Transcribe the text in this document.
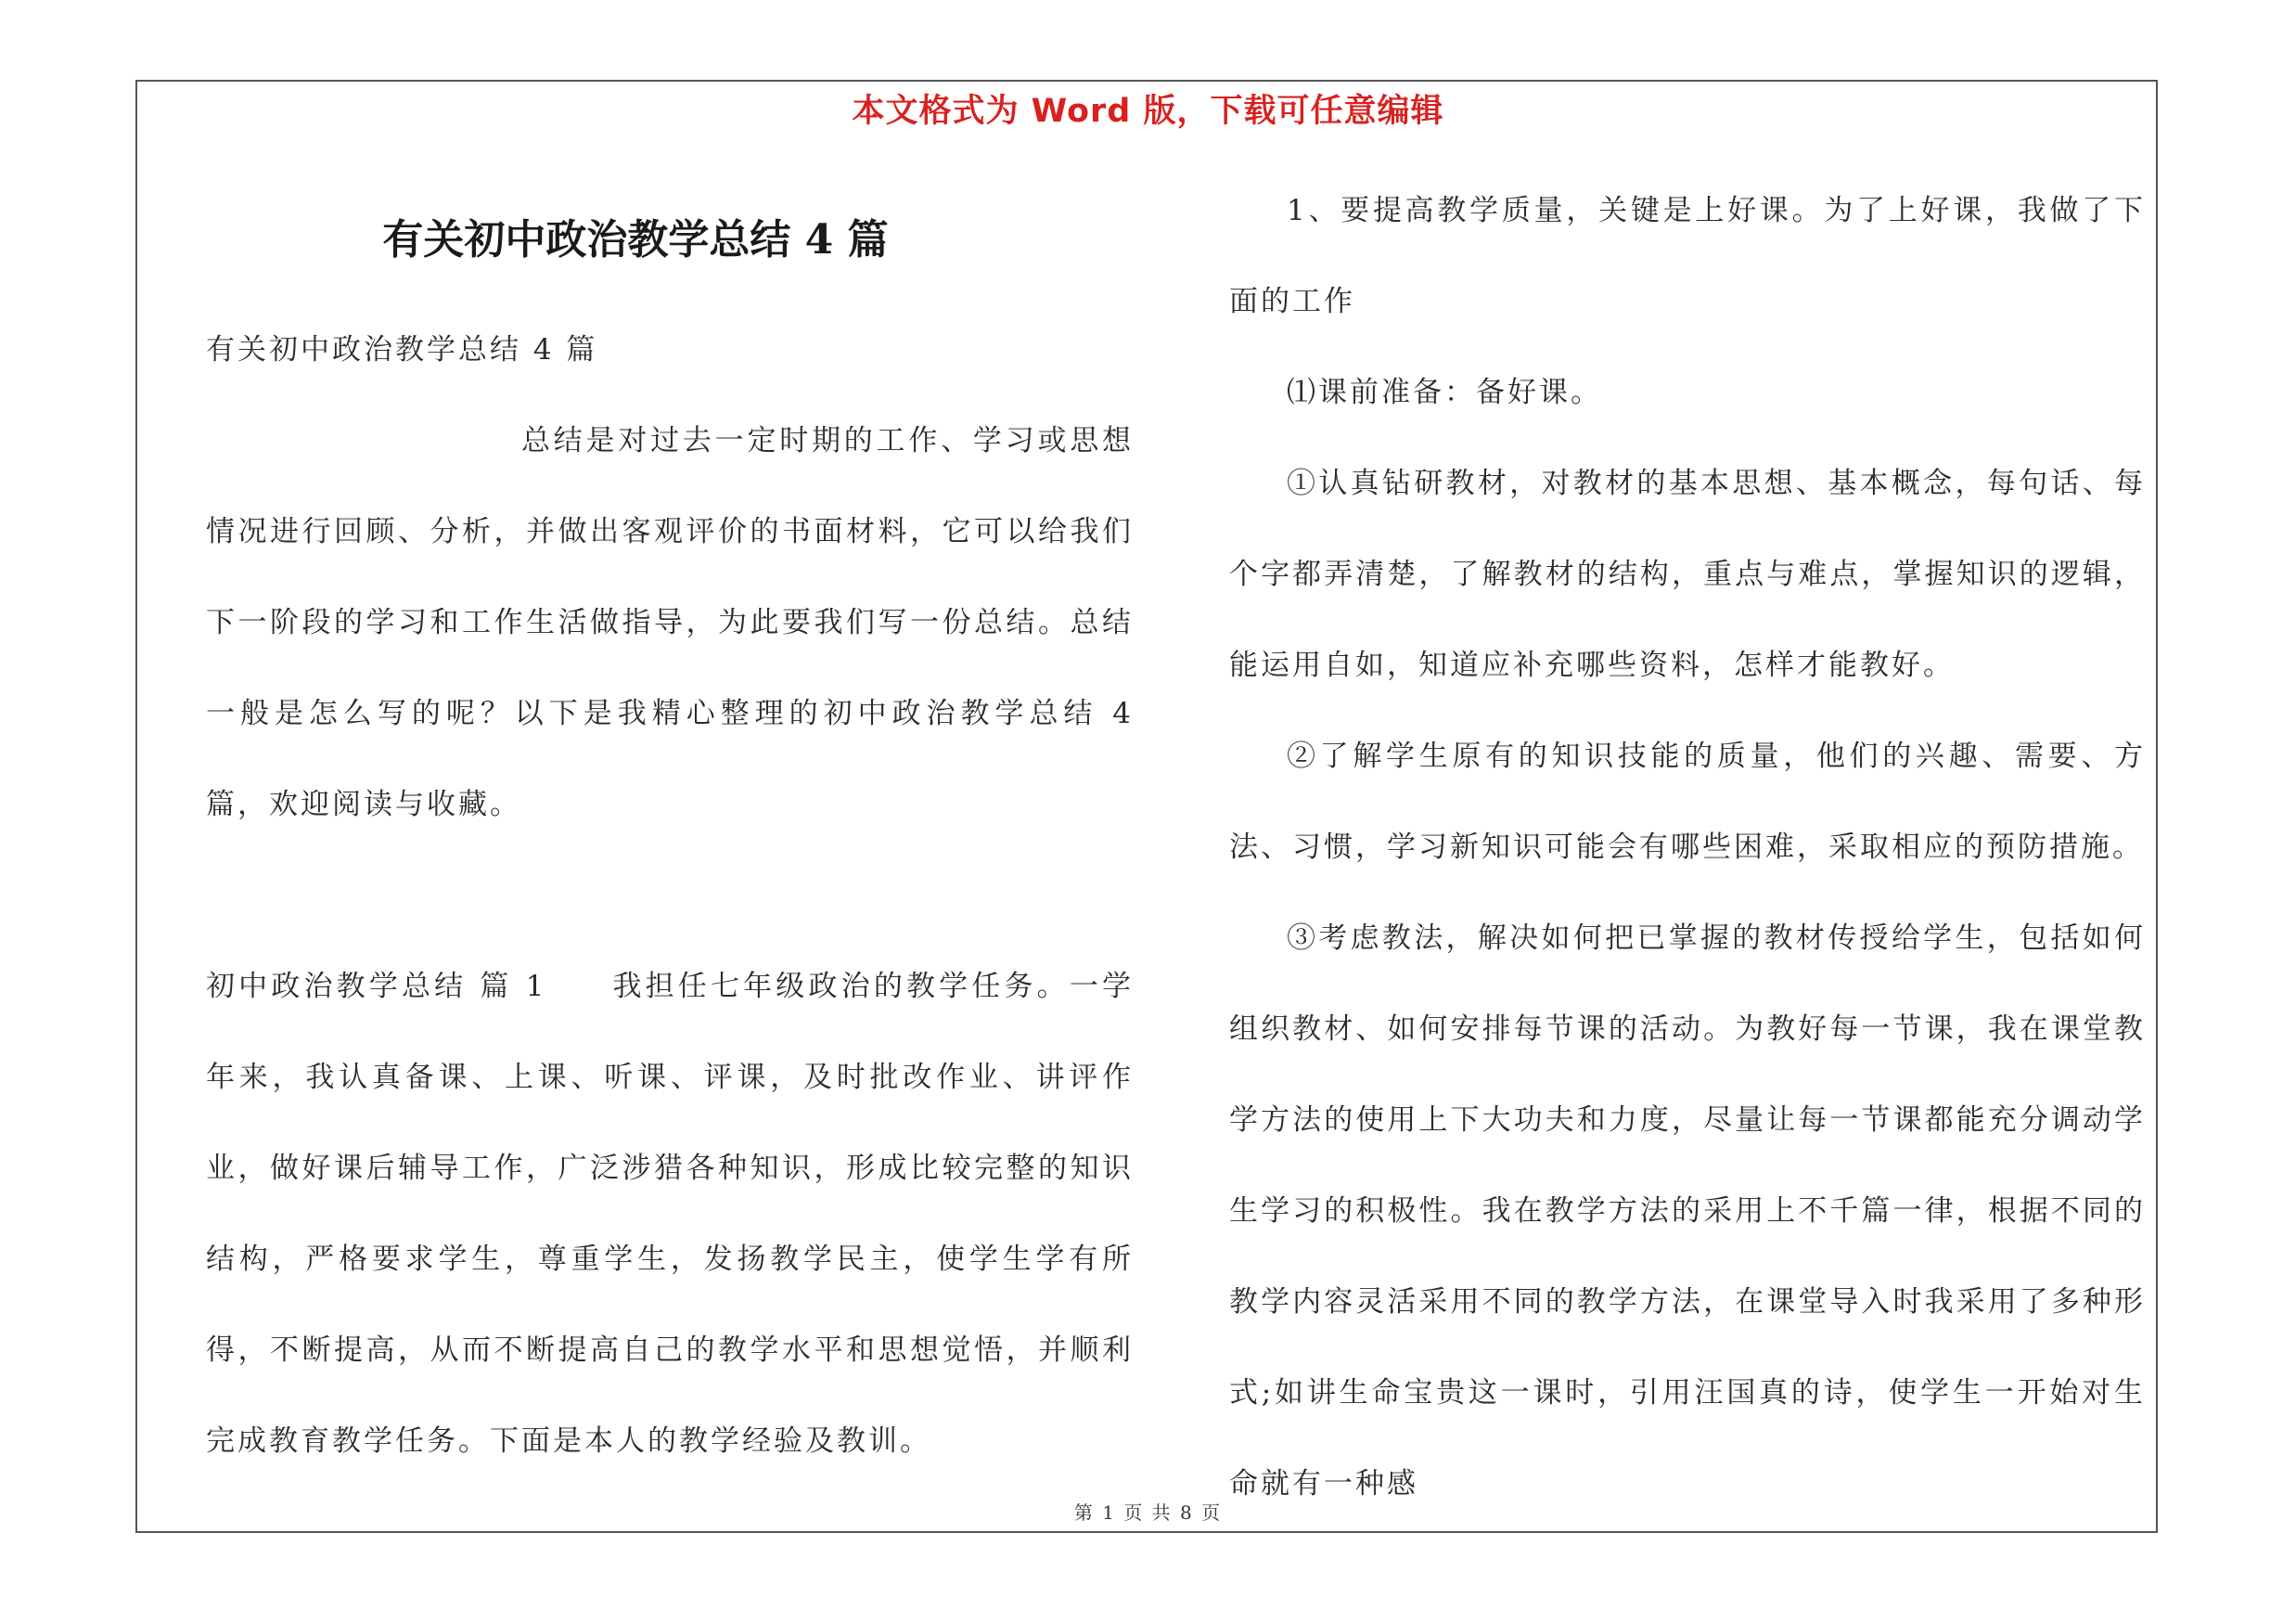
本文格式为 Word 版，下载可任意编辑
有关初中政治教学总结 4 篇

有关初中政治教学总结 4 篇

总结是对过去一定时期的工作、学习或思想情况进行回顾、分析，并做出客观评价的书面材料，它可以给我们下一阶段的学习和工作生活做指导，为此要我们写一份总结。总结一般是怎么写的呢？以下是我精心整理的初中政治教学总结 4 篇，欢迎阅读与收藏。

初中政治教学总结 篇 1 我担任七年级政治的教学任务。一学年来，我认真备课、上课、听课、评课，及时批改作业、讲评作业，做好课后辅导工作，广泛涉猎各种知识，形成比较完整的知识结构，严格要求学生，尊重学生，发扬教学民主，使学生学有所得，不断提高，从而不断提高自己的教学水平和思想觉悟，并顺利完成教育教学任务。下面是本人的教学经验及教训。

1、要提高教学质量，关键是上好课。为了上好课，我做了下面的工作

⑴课前准备：备好课。

①认真钻研教材，对教材的基本思想、基本概念，每句话、每个字都弄清楚，了解教材的结构，重点与难点，掌握知识的逻辑，能运用自如，知道应补充哪些资料，怎样才能教好。

②了解学生原有的知识技能的质量，他们的兴趣、需要、方法、习惯，学习新知识可能会有哪些困难，采取相应的预防措施。

③考虑教法，解决如何把已掌握的教材传授给学生，包括如何组织教材、如何安排每节课的活动。为教好每一节课，我在课堂教学方法的使用上下大功夫和力度，尽量让每一节课都能充分调动学生学习的积极性。我在教学方法的采用上不千篇一律，根据不同的教学内容灵活采用不同的教学方法，在课堂导入时我采用了多种形式;如讲生命宝贵这一课时，引用汪国真的诗，使学生一开始对生命就有一种感

第 1 页 共 8 页
